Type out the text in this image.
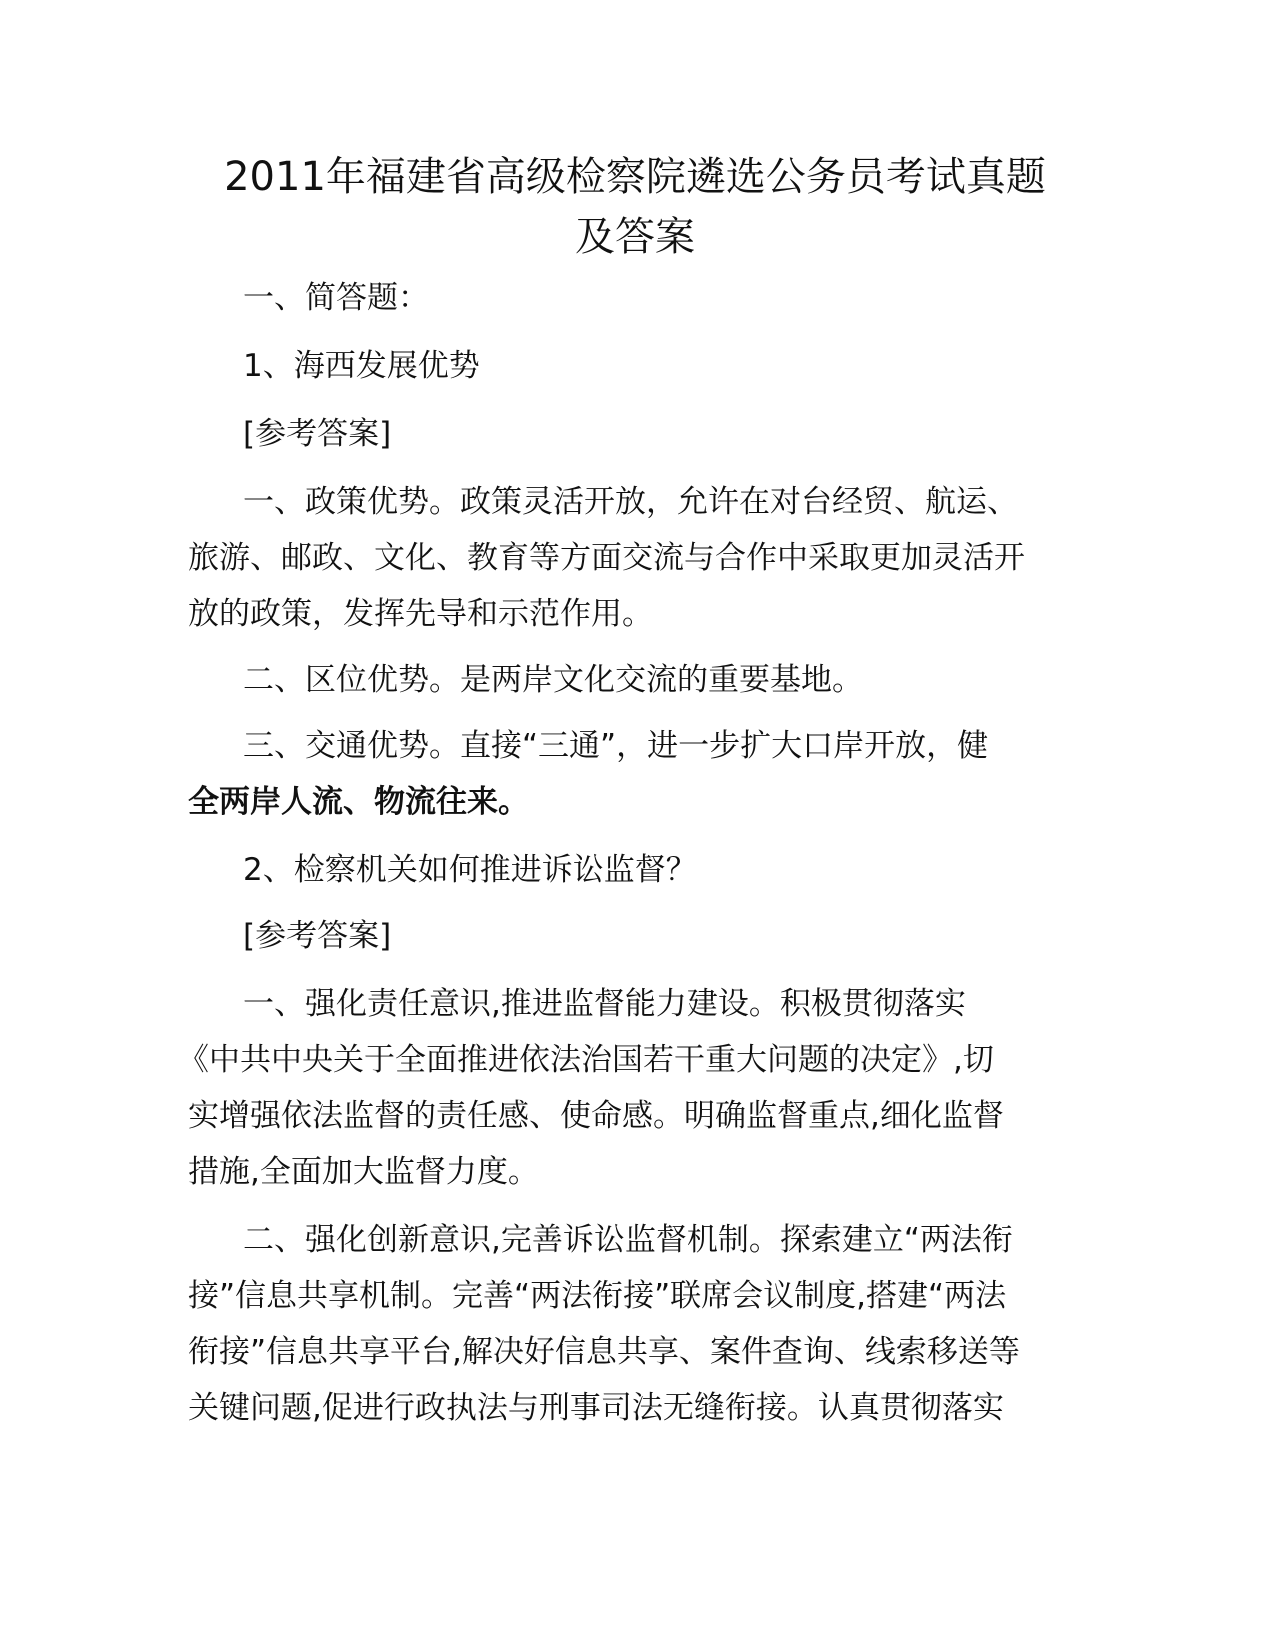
2011年福建省高级检察院遴选公务员考试真题
及答案

一、简答题：

1、海西发展优势

[参考答案]

一、政策优势。政策灵活开放，允许在对台经贸、航运、

旅游、邮政、文化、教育等方面交流与合作中采取更加灵活开

放的政策，发挥先导和示范作用。

二、区位优势。是两岸文化交流的重要基地。

三、交通优势。直接“三通”，进一步扩大口岸开放，健

全两岸人流、物流往来。

2、检察机关如何推进诉讼监督？

[参考答案]

一、强化责任意识,推进监督能力建设。积极贯彻落实

《中共中央关于全面推进依法治国若干重大问题的决定》,切

实增强依法监督的责任感、使命感。明确监督重点,细化监督

措施,全面加大监督力度。

二、强化创新意识,完善诉讼监督机制。探索建立“两法衔

接”信息共享机制。完善“两法衔接”联席会议制度,搭建“两法

衔接”信息共享平台,解决好信息共享、案件查询、线索移送等

关键问题,促进行政执法与刑事司法无缝衔接。认真贯彻落实
